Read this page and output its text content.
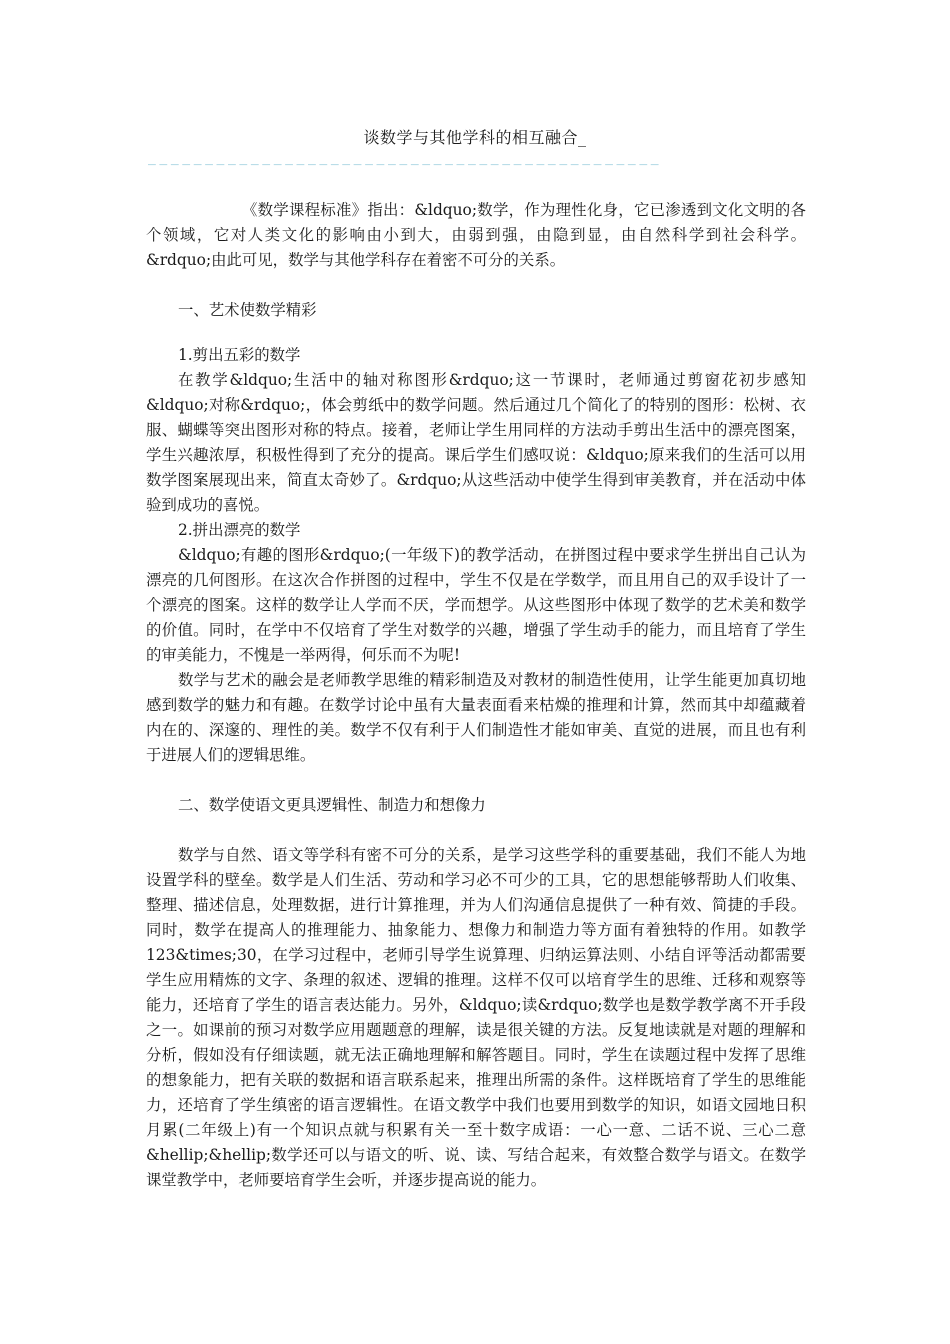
谈数学与其他学科的相互融合_
_____________________________________________

《数学课程标准》指出：&ldquo;数学，作为理性化身，它已渗透到文化文明的各个领域，它对人类文化的影响由小到大，由弱到强，由隐到显，由自然科学到社会科学。&rdquo;由此可见，数学与其他学科存在着密不可分的关系。

一、艺术使数学精彩

1.剪出五彩的数学

在教学&ldquo;生活中的轴对称图形&rdquo;这一节课时，老师通过剪窗花初步感知&ldquo;对称&rdquo;，体会剪纸中的数学问题。然后通过几个简化了的特别的图形：松树、衣服、蝴蝶等突出图形对称的特点。接着，老师让学生用同样的方法动手剪出生活中的漂亮图案，学生兴趣浓厚，积极性得到了充分的提高。课后学生们感叹说：&ldquo;原来我们的生活可以用数学图案展现出来，简直太奇妙了。&rdquo;从这些活动中使学生得到审美教育，并在活动中体验到成功的喜悦。

2.拼出漂亮的数学

&ldquo;有趣的图形&rdquo;(一年级下)的教学活动，在拼图过程中要求学生拼出自己认为漂亮的几何图形。在这次合作拼图的过程中，学生不仅是在学数学，而且用自己的双手设计了一个漂亮的图案。这样的数学让人学而不厌，学而想学。从这些图形中体现了数学的艺术美和数学的价值。同时，在学中不仅培育了学生对数学的兴趣，增强了学生动手的能力，而且培育了学生的审美能力，不愧是一举两得，何乐而不为呢!

数学与艺术的融会是老师教学思维的精彩制造及对教材的制造性使用，让学生能更加真切地感到数学的魅力和有趣。在数学讨论中虽有大量表面看来枯燥的推理和计算，然而其中却蕴藏着内在的、深邃的、理性的美。数学不仅有利于人们制造性才能如审美、直觉的进展，而且也有利于进展人们的逻辑思维。

二、数学使语文更具逻辑性、制造力和想像力

数学与自然、语文等学科有密不可分的关系，是学习这些学科的重要基础，我们不能人为地设置学科的壁垒。数学是人们生活、劳动和学习必不可少的工具，它的思想能够帮助人们收集、整理、描述信息，处理数据，进行计算推理，并为人们沟通信息提供了一种有效、简捷的手段。同时，数学在提高人的推理能力、抽象能力、想像力和制造力等方面有着独特的作用。如教学 123&times;30，在学习过程中，老师引导学生说算理、归纳运算法则、小结自评等活动都需要学生应用精炼的文字、条理的叙述、逻辑的推理。这样不仅可以培育学生的思维、迁移和观察等能力，还培育了学生的语言表达能力。另外，&ldquo;读&rdquo;数学也是数学教学离不开手段之一。如课前的预习对数学应用题题意的理解，读是很关键的方法。反复地读就是对题的理解和分析，假如没有仔细读题，就无法正确地理解和解答题目。同时，学生在读题过程中发挥了思维的想象能力，把有关联的数据和语言联系起来，推理出所需的条件。这样既培育了学生的思维能力，还培育了学生缜密的语言逻辑性。在语文教学中我们也要用到数学的知识，如语文园地日积月累(二年级上)有一个知识点就与积累有关一至十数字成语：一心一意、二话不说、三心二意&hellip;&hellip;数学还可以与语文的听、说、读、写结合起来，有效整合数学与语文。在数学课堂教学中，老师要培育学生会听，并逐步提高说的能力。
